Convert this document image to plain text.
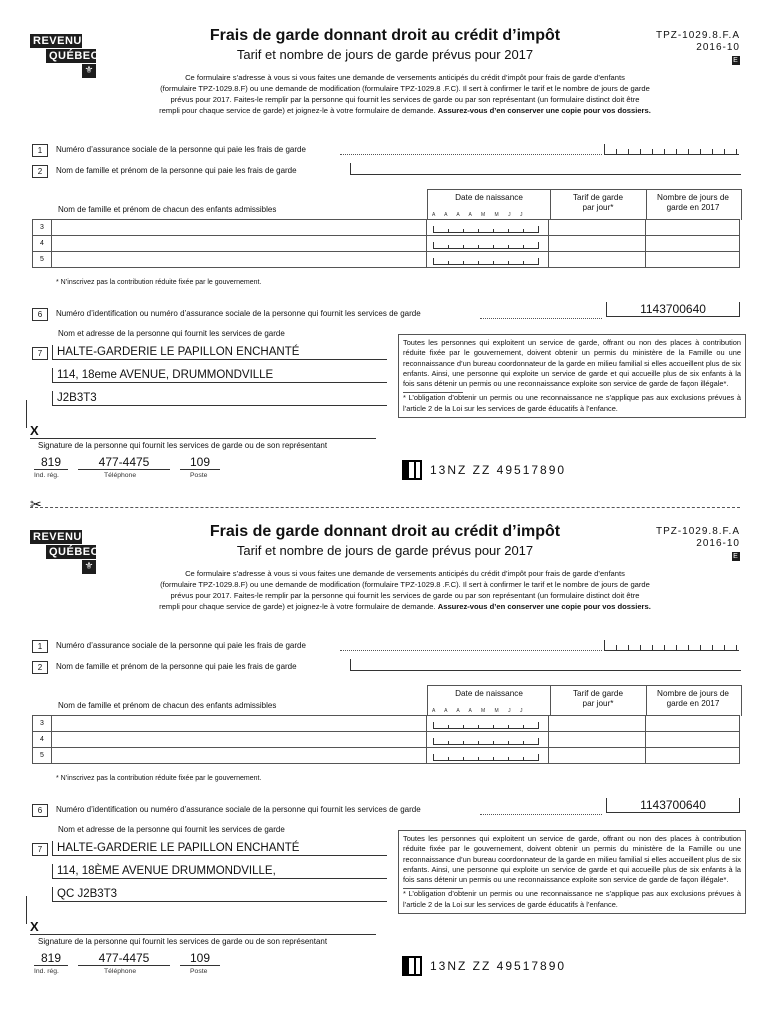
REVENU
QUÉBEC
⚜
Frais de garde donnant droit au crédit d’impôt
Tarif et nombre de jours de garde prévus pour 2017
TPZ-1029.8.F.A
2016-10
E
Ce formulaire s’adresse à vous si vous faites une demande de versements anticipés du crédit d’impôt pour frais de garde d’enfants
(formulaire TPZ-1029.8.F) ou une demande de modification (formulaire TPZ-1029.8 .F.C). Il sert à confirmer le tarif et le nombre de jours de garde
prévus pour 2017. Faites-le remplir par la personne qui fournit les services de garde ou par son représentant (un formulaire distinct doit être
rempli pour chaque service de garde) et joignez-le à votre formulaire de demande. Assurez-vous d’en conserver une copie pour vos dossiers.
1	Numéro d’assurance sociale de la personne qui paie les frais de garde
2	Nom de famille et prénom de la personne qui paie les frais de garde
Nom de famille et prénom de chacun des enfants admissibles
Date de naissance
A A A A M M J J
Tarif de garde
par jour*
Nombre de jours de
garde en 2017
3		

4		

5		

* N’inscrivez pas la contribution réduite fixée par le gouvernement.
6	Numéro d’identification ou numéro d’assurance sociale de la personne qui fournit les services de garde	1143700640
Nom et adresse de la personne qui fournit les services de garde
7	HALTE-GARDERIE LE PAPILLON ENCHANTÉ
114, 18eme AVENUE, DRUMMONDVILLE
J2B3T3
Toutes les personnes qui exploitent un service de garde, offrant ou non des places à contribution réduite fixée par le gouvernement, doivent obtenir un permis du ministère de la Famille ou une reconnaissance d’un bureau coordonnateur de la garde en milieu familial si elles accueillent plus de six enfants. Ainsi, une personne qui exploite un service de garde et qui accueille plus de six enfants à la fois sans détenir un permis ou une reconnaissance exploite son service de garde de façon illégale*.
* L’obligation d’obtenir un permis ou une reconnaissance ne s’applique pas aux exclusions prévues à l’article 2 de la Loi sur les services de garde éducatifs à l’enfance.
X
Signature de la personne qui fournit les services de garde ou de son représentant
819	477-4475	109
Ind. rég.	Téléphone	Poste	13NZ ZZ 49517890
REVENU
QUÉBEC
⚜
Frais de garde donnant droit au crédit d’impôt
Tarif et nombre de jours de garde prévus pour 2017
TPZ-1029.8.F.A
2016-10
E
Ce formulaire s’adresse à vous si vous faites une demande de versements anticipés du crédit d’impôt pour frais de garde d’enfants
(formulaire TPZ-1029.8.F) ou une demande de modification (formulaire TPZ-1029.8 .F.C). Il sert à confirmer le tarif et le nombre de jours de garde
prévus pour 2017. Faites-le remplir par la personne qui fournit les services de garde ou par son représentant (un formulaire distinct doit être
rempli pour chaque service de garde) et joignez-le à votre formulaire de demande. Assurez-vous d’en conserver une copie pour vos dossiers.
1	Numéro d’assurance sociale de la personne qui paie les frais de garde
2	Nom de famille et prénom de la personne qui paie les frais de garde
Nom de famille et prénom de chacun des enfants admissibles
Date de naissance
A A A A M M J J
Tarif de garde
par jour*
Nombre de jours de
garde en 2017
3		

4		

5		

* N’inscrivez pas la contribution réduite fixée par le gouvernement.
6	Numéro d’identification ou numéro d’assurance sociale de la personne qui fournit les services de garde	1143700640
Nom et adresse de la personne qui fournit les services de garde
7	HALTE-GARDERIE LE PAPILLON ENCHANTÉ
114, 18ÈME AVENUE DRUMMONDVILLE,
QC J2B3T3
Toutes les personnes qui exploitent un service de garde, offrant ou non des places à contribution réduite fixée par le gouvernement, doivent obtenir un permis du ministère de la Famille ou une reconnaissance d’un bureau coordonnateur de la garde en milieu familial si elles accueillent plus de six enfants. Ainsi, une personne qui exploite un service de garde et qui accueille plus de six enfants à la fois sans détenir un permis ou une reconnaissance exploite son service de garde de façon illégale*.
* L’obligation d’obtenir un permis ou une reconnaissance ne s’applique pas aux exclusions prévues à l’article 2 de la Loi sur les services de garde éducatifs à l’enfance.
X
Signature de la personne qui fournit les services de garde ou de son représentant
819	477-4475	109
Ind. rég.	Téléphone	Poste	13NZ ZZ 49517890
✂
